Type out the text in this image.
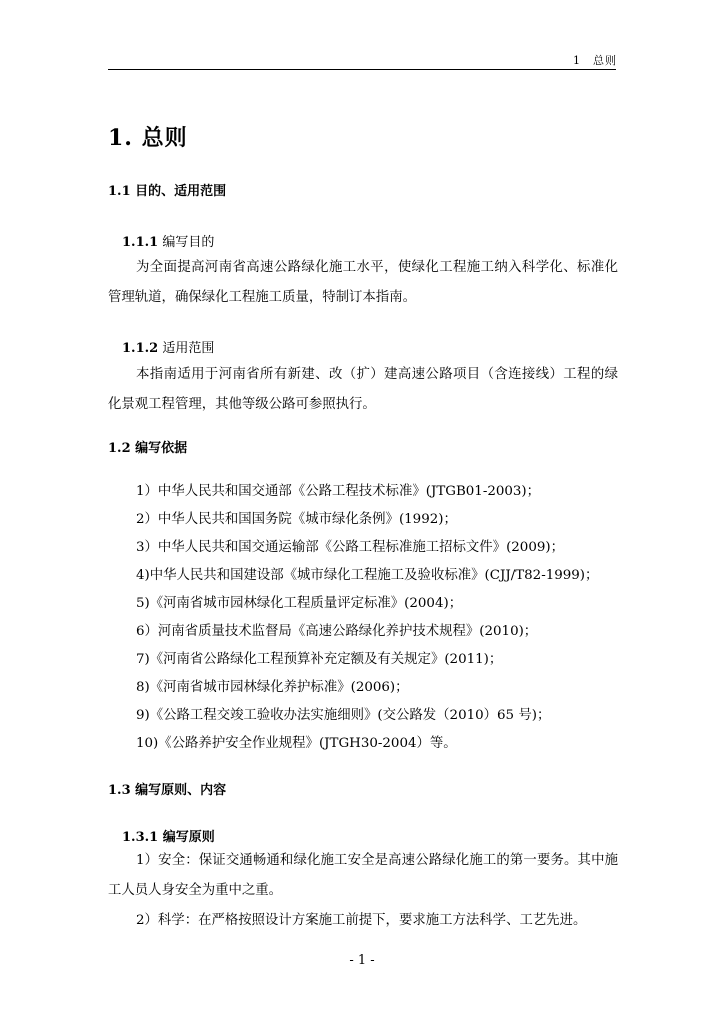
1　总则
1. 总则
1.1 目的、适用范围
1.1.1 编写目的

为全面提高河南省高速公路绿化施工水平，使绿化工程施工纳入科学化、标准化管理轨道，确保绿化工程施工质量，特制订本指南。

1.1.2 适用范围

本指南适用于河南省所有新建、改（扩）建高速公路项目（含连接线）工程的绿化景观工程管理，其他等级公路可参照执行。

1.2 编写依据
1）中华人民共和国交通部《公路工程技术标准》(JTGB01-2003)；
2）中华人民共和国国务院《城市绿化条例》(1992)；
3）中华人民共和国交通运输部《公路工程标准施工招标文件》(2009)；
4)中华人民共和国建设部《城市绿化工程施工及验收标准》(CJJ/T82-1999)；
5)《河南省城市园林绿化工程质量评定标准》(2004)；
6）河南省质量技术监督局《高速公路绿化养护技术规程》(2010)；
7)《河南省公路绿化工程预算补充定额及有关规定》(2011)；
8)《河南省城市园林绿化养护标准》(2006)；
9)《公路工程交竣工验收办法实施细则》(交公路发（2010）65 号)；
10)《公路养护安全作业规程》(JTGH30-2004）等。
1.3 编写原则、内容
1.3.1 编写原则

1）安全：保证交通畅通和绿化施工安全是高速公路绿化施工的第一要务。其中施工人员人身安全为重中之重。

2）科学：在严格按照设计方案施工前提下，要求施工方法科学、工艺先进。

- 1 -
